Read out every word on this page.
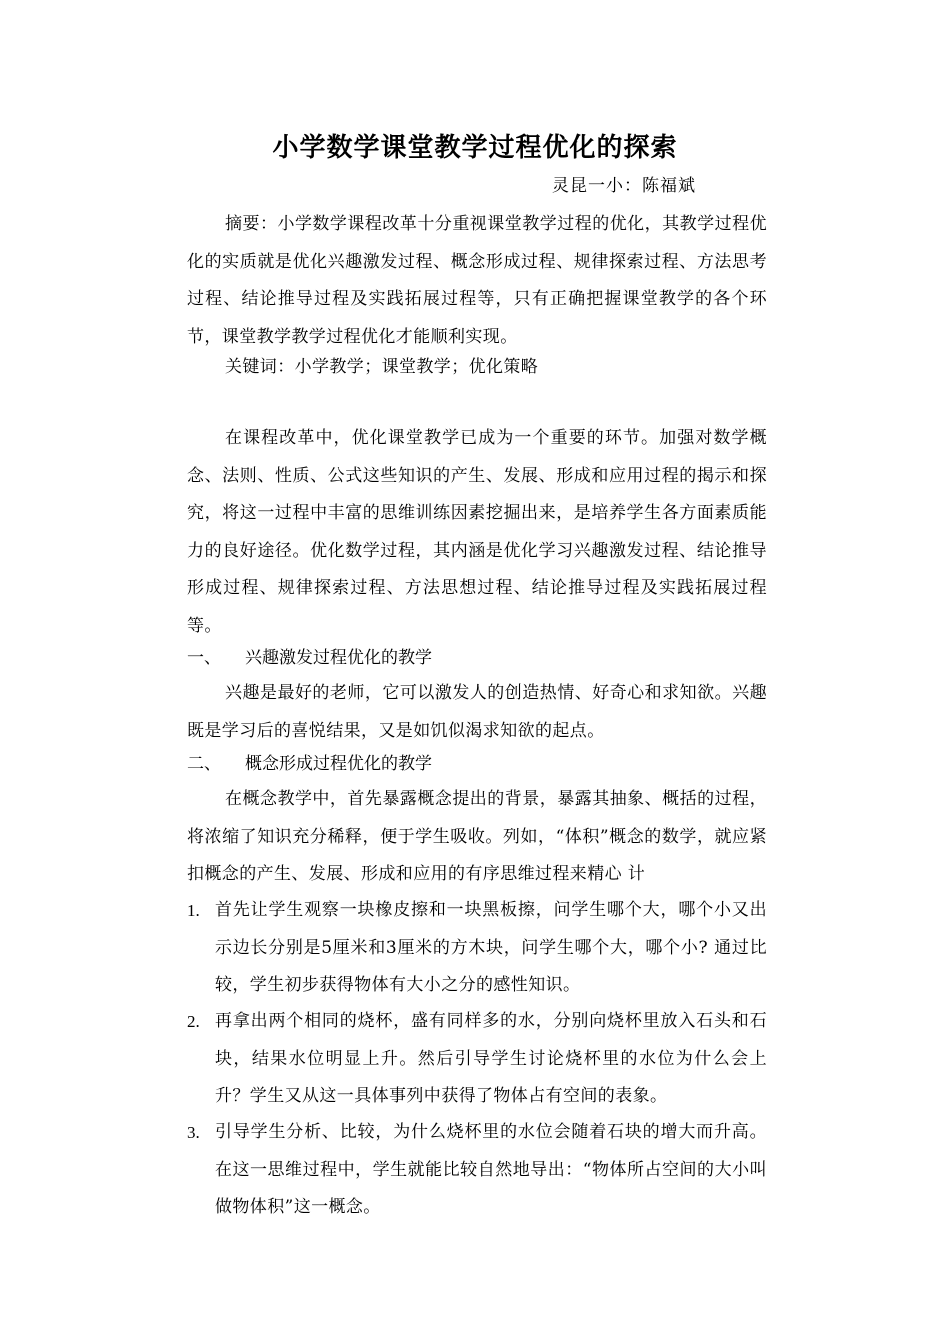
小学数学课堂教学过程优化的探索
灵昆一小：陈福斌
摘要：小学数学课程改革十分重视课堂教学过程的优化，其教学过程优化的实质就是优化兴趣激发过程、概念形成过程、规律探索过程、方法思考过程、结论推导过程及实践拓展过程等，只有正确把握课堂教学的各个环节，课堂教学教学过程优化才能顺利实现。
关键词：小学教学；课堂教学；优化策略
在课程改革中，优化课堂教学已成为一个重要的环节。加强对数学概念、法则、性质、公式这些知识的产生、发展、形成和应用过程的揭示和探究，将这一过程中丰富的思维训练因素挖掘出来，是培养学生各方面素质能力的良好途径。优化数学过程，其内涵是优化学习兴趣激发过程、结论推导形成过程、规律探索过程、方法思想过程、结论推导过程及实践拓展过程等。
一、 兴趣激发过程优化的教学
兴趣是最好的老师，它可以激发人的创造热情、好奇心和求知欲。兴趣既是学习后的喜悦结果，又是如饥似渴求知欲的起点。
二、 概念形成过程优化的教学
在概念教学中，首先暴露概念提出的背景，暴露其抽象、概括的过程，将浓缩了知识充分稀释，便于学生吸收。列如，“体积”概念的数学，就应紧扣概念的产生、发展、形成和应用的有序思维过程来精心 计
1. 首先让学生观察一块橡皮擦和一块黑板擦，问学生哪个大，哪个小又出示边长分别是5厘米和3厘米的方木块，问学生哪个大，哪个小? 通过比较，学生初步获得物体有大小之分的感性知识。
2. 再拿出两个相同的烧杯，盛有同样多的水，分别向烧杯里放入石头和石块，结果水位明显上升。然后引导学生讨论烧杯里的水位为什么会上升？学生又从这一具体事列中获得了物体占有空间的表象。
3. 引导学生分析、比较，为什么烧杯里的水位会随着石块的增大而升高。在这一思维过程中，学生就能比较自然地导出：“物体所占空间的大小叫做物体积”这一概念。
